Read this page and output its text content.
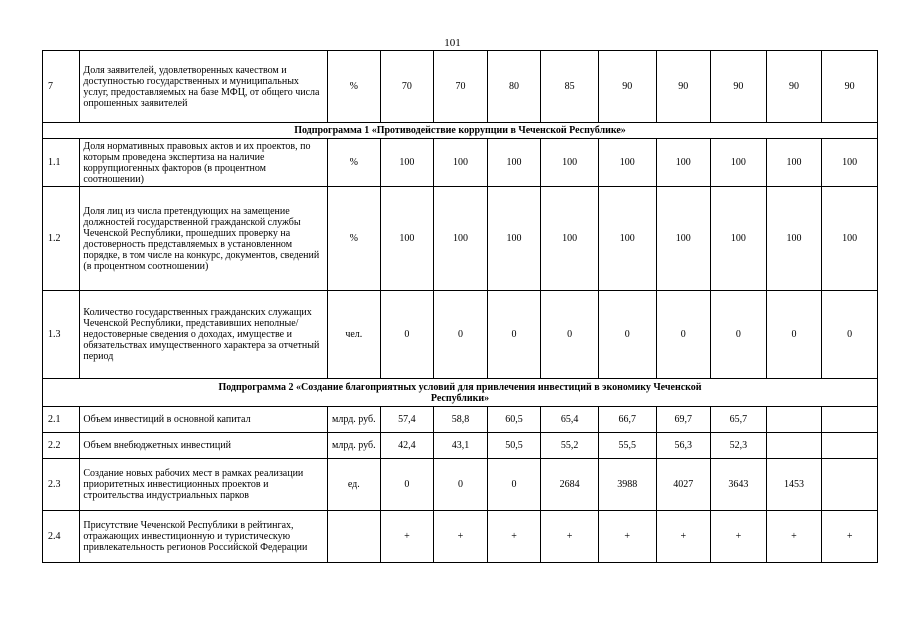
101
7	Доля заявителей, удовлетворенных качеством и доступностью государственных и муниципальных услуг, предоставляемых на базе МФЦ, от общего числа опрошенных заявителей	%	70	70	80	85	90	90	90	90	90
Подпрограмма 1 «Противодействие коррупции в Чеченской Республике»											
1.1	Доля нормативных правовых актов и их проектов, по которым проведена экспертиза на наличие коррупциогенных факторов (в процентном соотношении)	%	100	100	100	100	100	100	100	100	100
1.2	Доля лиц из числа претендующих на замещение должностей государственной гражданской службы Чеченской Республики, прошедших проверку на достоверность представляемых в установленном порядке, в том числе на конкурс, документов, сведений (в процентном соотношении)	%	100	100	100	100	100	100	100	100	100
1.3	Количество государственных гражданских служащих Чеченской Республики, представивших неполные/недостоверные сведения о доходах, имуществе и обязательствах имущественного характера за отчетный период	чел.	0	0	0	0	0	0	0	0	0
Подпрограмма 2 «Создание благоприятных условий для привлечения инвестиций в экономику Чеченской Республики»											
2.1	Объем инвестиций в основной капитал	млрд. руб.	57,4	58,8	60,5	65,4	66,7	69,7	65,7		
2.2	Объем внебюджетных инвестиций	млрд. руб.	42,4	43,1	50,5	55,2	55,5	56,3	52,3		
2.3	Создание новых рабочих мест в рамках реализации приоритетных инвестиционных проектов и строительства индустриальных парков	ед.	0	0	0	2684	3988	4027	3643	1453	
2.4	Присутствие Чеченской Республики в рейтингах, отражающих инвестиционную и туристическую привлекательность регионов Российской Федерации		+	+	+	+	+	+	+	+	+
